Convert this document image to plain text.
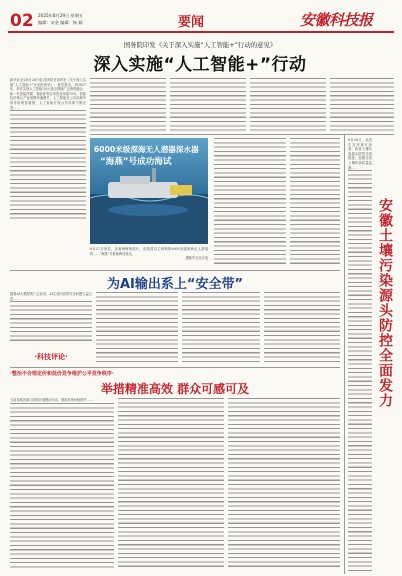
02 2025年8月29日 星期五
编辑：宋金 编辑：杨 颖	要闻	安徽科技报
国务院印发《关于深入实施“人工智能+”行动的意见》
深入实施“人工智能+”行动
新华社北京8月26日电 国务院日前印发《关于深入实施“人工智能+”行动的意见》。意见提出，到2027年，率先实现人工智能与6大重点领域广泛深度融合，新一代智能终端、智能体等应用普及率超70%，智能经济核心产业规模快速增长，人工智能在公共治理中的作用明显增强，人工智能开放合作体系不断完善……
6000米级深海无人潜器深水器
“海燕”号成功海试
8月27日消息，在南海海域展开，由我国自主研制的6000米级深海无人滑翔机……“海燕”号系统海试成功。
据新华社北京电	安徽土壤污染源头防控全面发力
8月26日，从省生态环境厅获悉，我省土壤污染源头防控全面推进，加强全省土壤环境质量监测……
为AI输出系上“安全带”
随着AI大模型的广泛应用，AI生成内容的安全问题日益凸显……
·科技评论·
·整治不合理定价和低价竞争维护公平竞争秩序·
举措精准高效 群众可感可及
当前各地各部门持续开展整治行动，规范市场价格秩序……
